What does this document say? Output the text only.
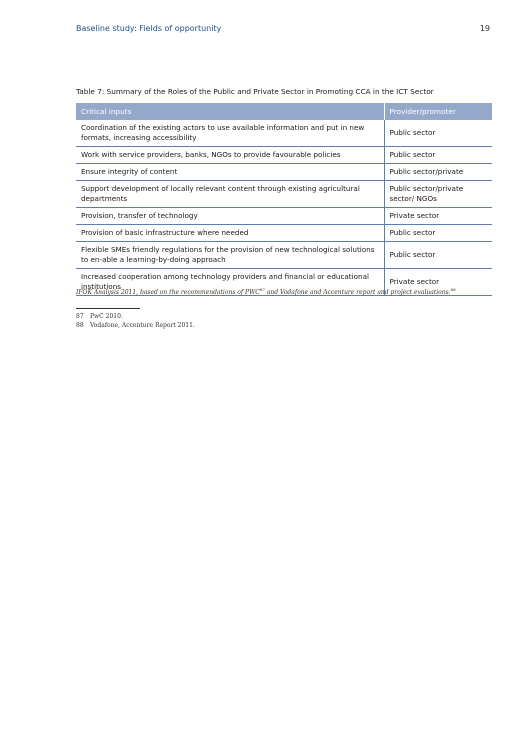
Baseline study: Fields of opportunity	19
Table 7: Summary of the Roles of the Public and Private Sector in Promoting CCA in the ICT Sector
Critical inputs	Provider/promoter
Coordination of the existing actors to use available information and put in new formats, increasing accessibility	Public sector
Work with service providers, banks, NGOs to provide favourable policies	Public sector
Ensure integrity of content	Public sector/private
Support development of locally relevant content through existing agricultural departments	Public sector/private sector/ NGOs
Provision, transfer of technology	Private sector
Provision of basic infrastructure where needed	Public sector
Flexible SMEs friendly regulations for the provision of new technological solutions to en-able a learning-by-doing approach	Public sector
Increased cooperation among technology providers and financial or educational institutions	Private sector
IFOK Analysis 2011, based on the recommendations of PWC$^{87}$ and Vodafone and Accenture report and project evaluations.$^{88}$
87 PwC 2010.
88 Vodafone, Accenture Report 2011.
